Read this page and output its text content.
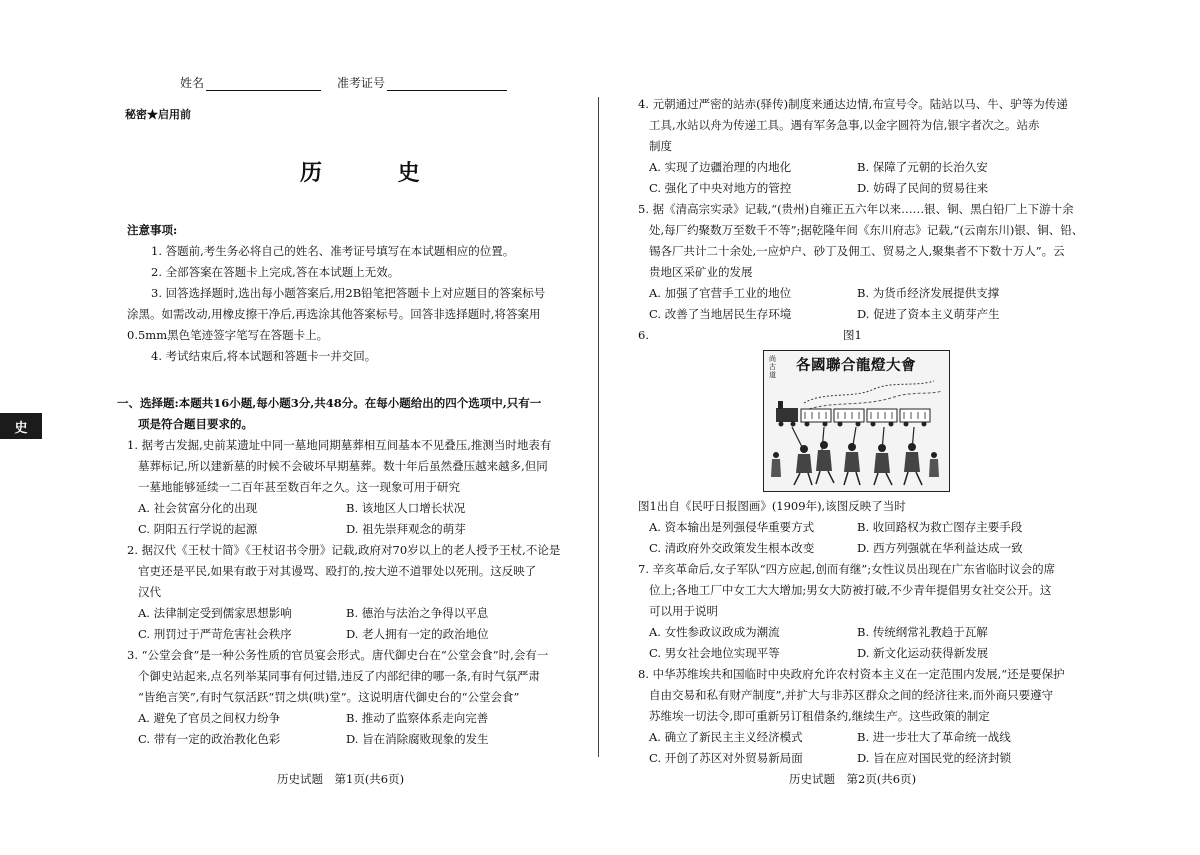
姓名	准考证号
秘密★启用前
历 史
史
注意事项:
1. 答题前,考生务必将自己的姓名、准考证号填写在本试题相应的位置。
2. 全部答案在答题卡上完成,答在本试题上无效。
3. 回答选择题时,选出每小题答案后,用2B铅笔把答题卡上对应题目的答案标号
涂黑。如需改动,用橡皮擦干净后,再选涂其他答案标号。回答非选择题时,将答案用
0.5mm黑色笔迹签字笔写在答题卡上。
4. 考试结束后,将本试题和答题卡一并交回。
一、选择题:本题共16小题,每小题3分,共48分。在每小题给出的四个选项中,只有一
项是符合题目要求的。
1. 据考古发掘,史前某遗址中同一墓地同期墓葬相互间基本不见叠压,推测当时地表有
墓葬标记,所以建新墓的时候不会破坏早期墓葬。数十年后虽然叠压越来越多,但同
一墓地能够延续一二百年甚至数百年之久。这一现象可用于研究
A. 社会贫富分化的出现	B. 该地区人口增长状况
C. 阴阳五行学说的起源	D. 祖先崇拜观念的萌芽
2. 据汉代《王杖十简》《王杖诏书令册》记载,政府对70岁以上的老人授予王杖,不论是
官吏还是平民,如果有敢于对其谩骂、殴打的,按大逆不道罪处以死刑。这反映了
汉代
A. 法律制定受到儒家思想影响	B. 德治与法治之争得以平息
C. 刑罚过于严苛危害社会秩序	D. 老人拥有一定的政治地位
3. “公堂会食”是一种公务性质的官员宴会形式。唐代御史台在“公堂会食”时,会有一
个御史站起来,点名列举某同事有何过错,违反了内部纪律的哪一条,有时气氛严肃
“皆绝言笑”,有时气氛活跃“罚之烘(哄)堂”。这说明唐代御史台的“公堂会食”
A. 避免了官员之间权力纷争	B. 推动了监察体系走向完善
C. 带有一定的政治教化色彩	D. 旨在消除腐败现象的发生
4. 元朝通过严密的站赤(驿传)制度来通达边情,布宣号令。陆站以马、牛、驴等为传递
工具,水站以舟为传递工具。遇有军务急事,以金字圆符为信,银字者次之。站赤
制度
A. 实现了边疆治理的内地化	B. 保障了元朝的长治久安
C. 强化了中央对地方的管控	D. 妨碍了民间的贸易往来
5. 据《清高宗实录》记载,“(贵州)自雍正五六年以来……银、铜、黑白铅厂上下游十余
处,每厂约聚数万至数千不等”;据乾隆年间《东川府志》记载,“(云南东川)银、铜、铅、
锡各厂共计二十余处,一应炉户、砂丁及佣工、贸易之人,聚集者不下数十万人”。云
贵地区采矿业的发展
A. 加强了官营手工业的地位	B. 为货币经济发展提供支撑
C. 改善了当地居民生存环境	D. 促进了资本主义萌芽产生
6.	图1
尚古道
各國聯合龍燈大會
图1出自《民吁日报图画》(1909年),该图反映了当时
A. 资本输出是列强侵华重要方式	B. 收回路权为救亡图存主要手段
C. 清政府外交政策发生根本改变	D. 西方列强就在华利益达成一致
7. 辛亥革命后,女子军队“四方应起,创而有继”;女性议员出现在广东省临时议会的席
位上;各地工厂中女工大大增加;男女大防被打破,不少青年提倡男女社交公开。这
可以用于说明
A. 女性参政议政成为潮流	B. 传统纲常礼教趋于瓦解
C. 男女社会地位实现平等	D. 新文化运动获得新发展
8. 中华苏维埃共和国临时中央政府允许农村资本主义在一定范围内发展,“还是要保护
自由交易和私有财产制度”,并扩大与非苏区群众之间的经济往来,而外商只要遵守
苏维埃一切法令,即可重新另订租借条约,继续生产。这些政策的制定
A. 确立了新民主主义经济模式	B. 进一步壮大了革命统一战线
C. 开创了苏区对外贸易新局面	D. 旨在应对国民党的经济封锁
历史试题　第1页(共6页)	历史试题　第2页(共6页)
